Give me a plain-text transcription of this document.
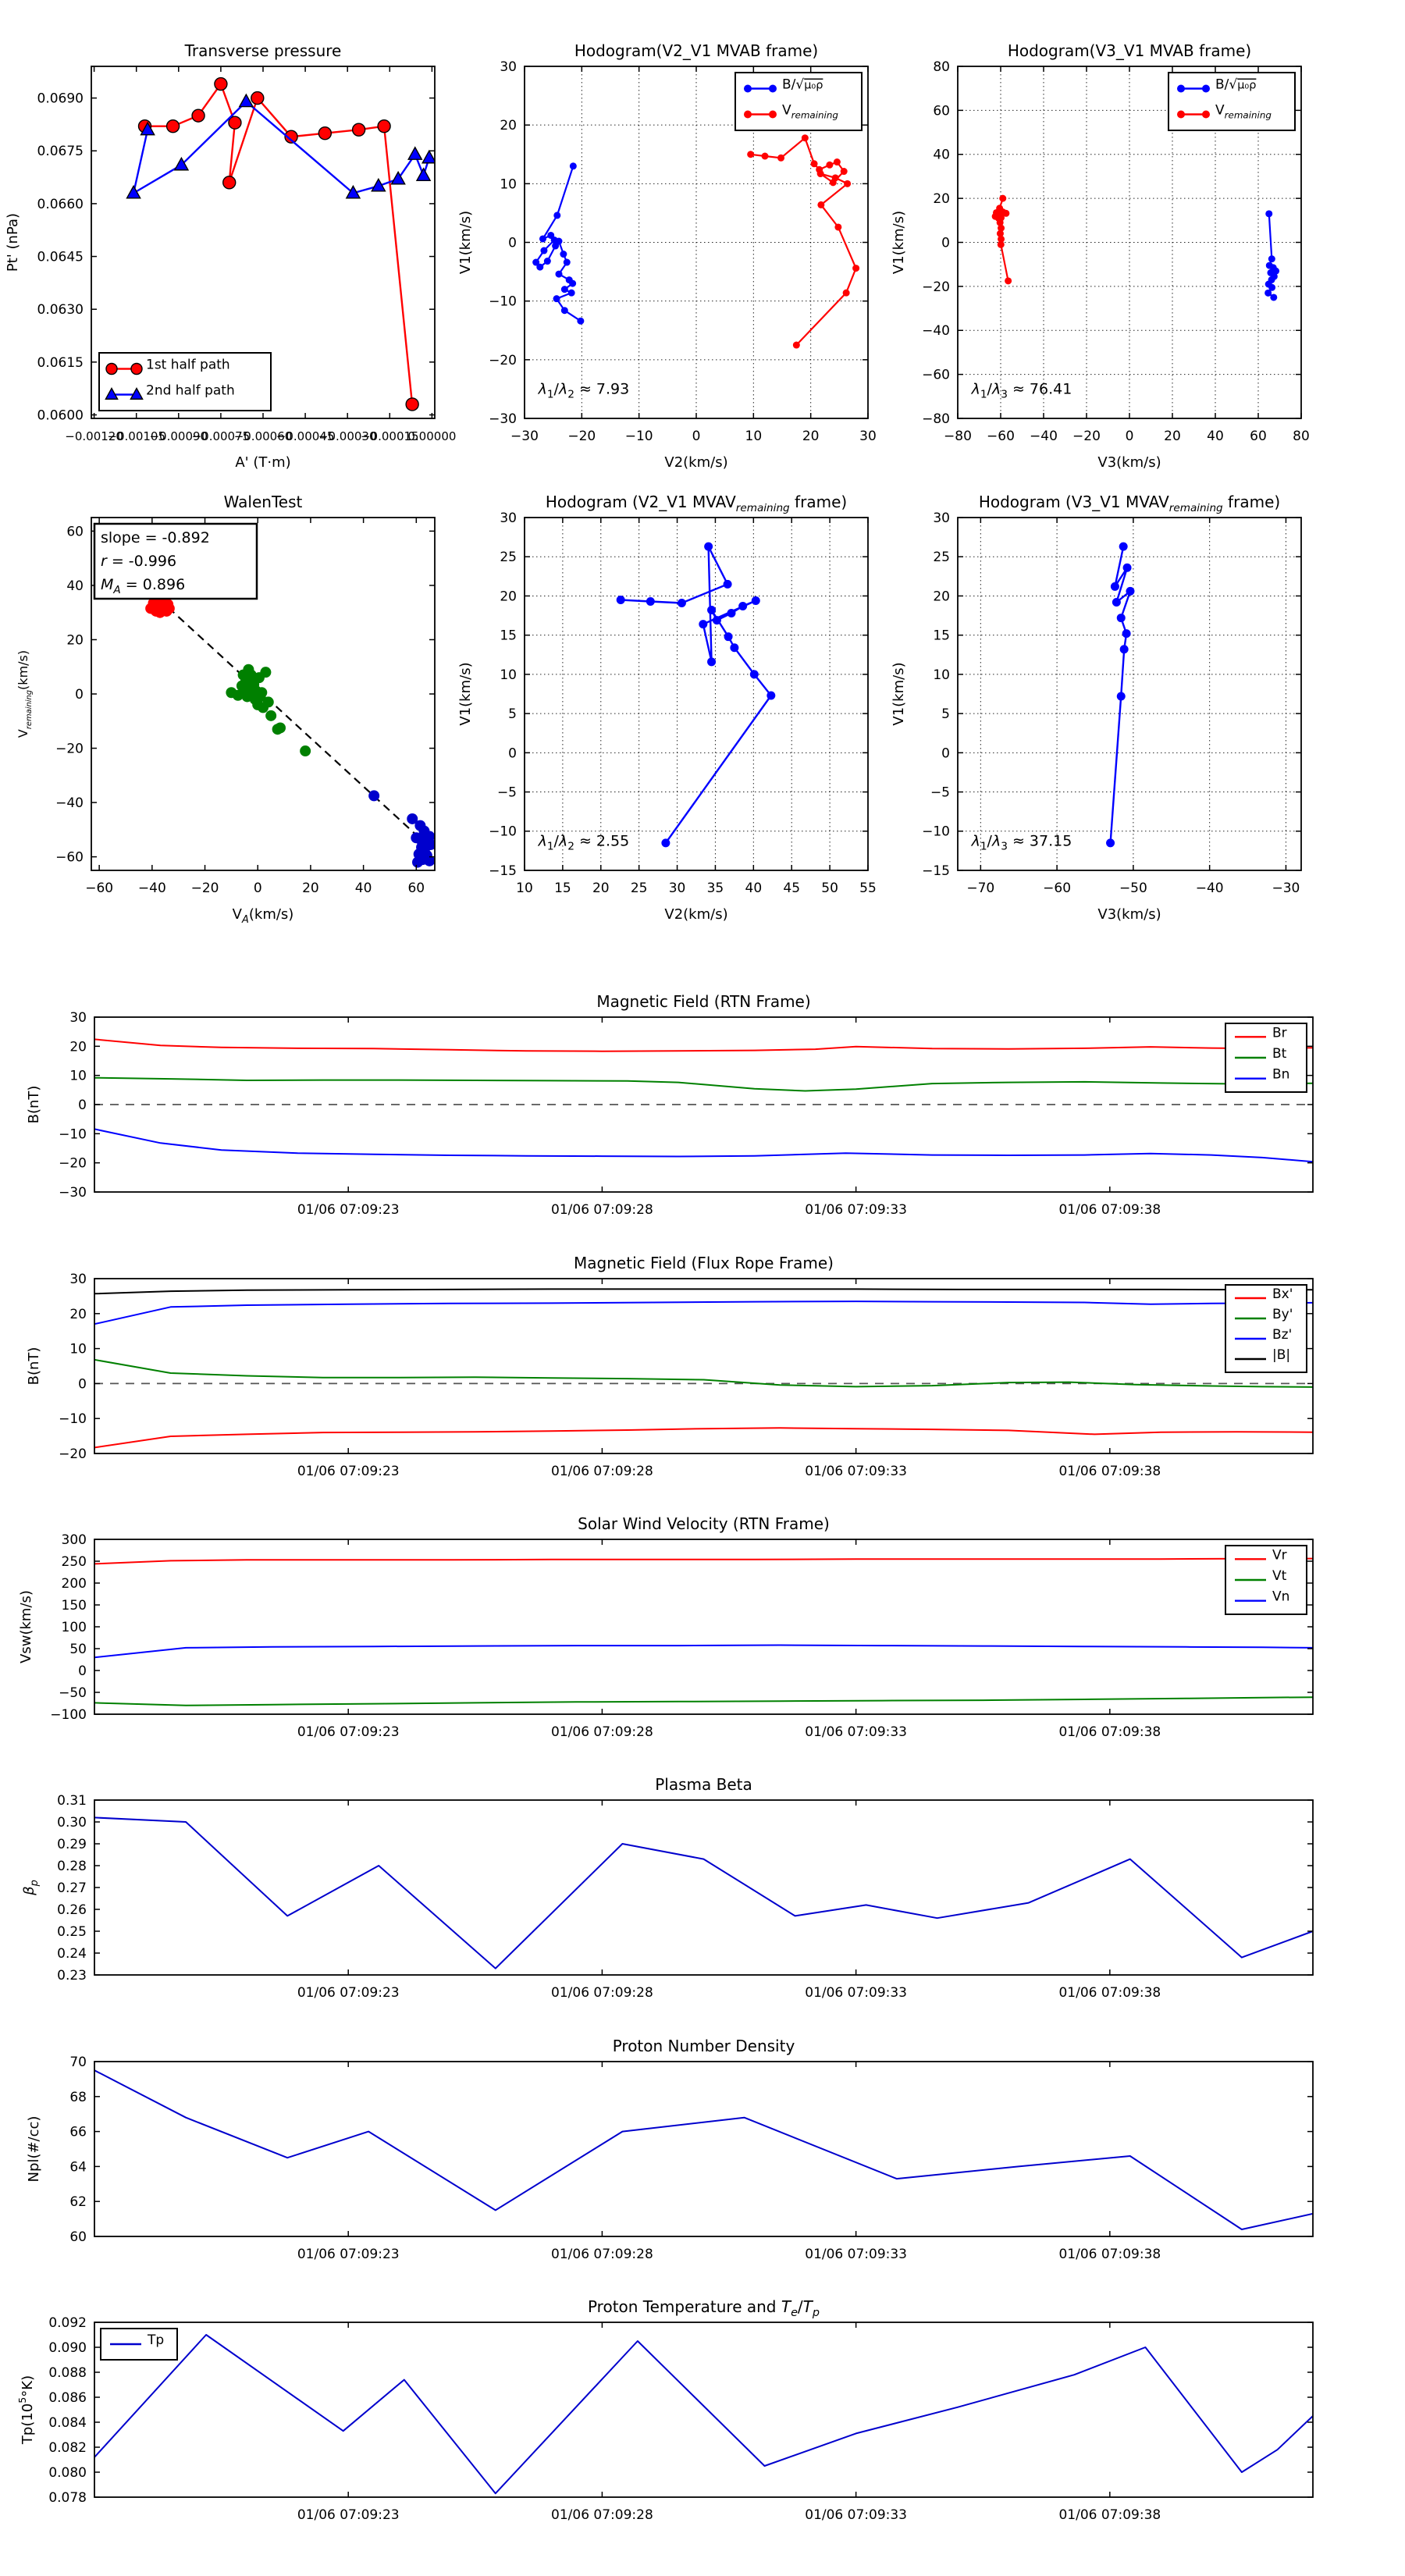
−0.00120
−0.00105
−0.00090
−0.00075
−0.00060
−0.00045
−0.00030
−0.00015
0.00000
0.0600
0.0615
0.0630
0.0645
0.0660
0.0675
0.0690
Transverse pressure
A' (T·m)
Pt' (nPa)
1st half path
2nd half path
−30 −20 −10	0	10	20	30
−30
−20
−10
0
10
20
30
Hodogram(V2_V1 MVAB frame)
V2(km/s)
V1(km/s)
B/√μ₀ρ
$V_{remaining}$
$\lambda_1/\lambda_2 \approx 7.93$
−80 −60 −40 −20 0 20 40 60 80
−80
−60
−40
−20
0
20
40
60
80
Hodogram(V3_V1 MVAB frame)
V3(km/s)
V1(km/s)
B/√μ₀ρ
$V_{remaining}$
$\lambda_1/\lambda_3 \approx 76.41$
−60 −40 −20	0	20	40	60
−60
−40
−20
0
20
40
60
WalenTest
$V_A(km/s)$
$V_{remaining}(km/s)$
slope = -0.892
r = -0.996
$M_A = 0.896$
10 15 20 25 30 35 40 45 50 55
−15
−10
−5
0
5
10
15
20
25
30
Hodogram (V2_V1 $MVAV_{remaining}$ frame)
V2(km/s)
V1(km/s)
$\lambda_1/\lambda_2 \approx 2.55$
−70	−60	−50	−40	−30
−15
−10
−5
0
5
10
15
20
25
30
Hodogram (V3_V1 $MVAV_{remaining}$ frame)
V3(km/s)
V1(km/s)
$\lambda_1/\lambda_3 \approx 37.15$
01/06 07:09:23	01/06 07:09:28	01/06 07:09:33	01/06 07:09:38
−30
−20
−10
0
10
20
30
Magnetic Field (RTN Frame)
B(nT)
Br
Bt
Bn
01/06 07:09:23	01/06 07:09:28	01/06 07:09:33	01/06 07:09:38
−20
−10
0
10
20
30
Magnetic Field (Flux Rope Frame)
B(nT)
Bx'
By'
Bz'
|B|
01/06 07:09:23	01/06 07:09:28	01/06 07:09:33	01/06 07:09:38
−100
−50
0
50
100
150
200
250
300
Solar Wind Velocity (RTN Frame)
Vsw(km/s)
Vr
Vt
Vn
01/06 07:09:23	01/06 07:09:28	01/06 07:09:33	01/06 07:09:38
0.23
0.24
0.25
0.26
0.27
0.28
0.29
0.30
0.31
Plasma Beta
$\beta_p$
01/06 07:09:23	01/06 07:09:28	01/06 07:09:33	01/06 07:09:38
60
62
64
66
68
70
Proton Number Density
Npl(#/cc)
01/06 07:09:23	01/06 07:09:28	01/06 07:09:33	01/06 07:09:38
0.078
0.080
0.082
0.084
0.086
0.088
0.090
0.092
Proton Temperature and $T_e/T_p$
$Tp(10^5^\circ K)$
Tp
